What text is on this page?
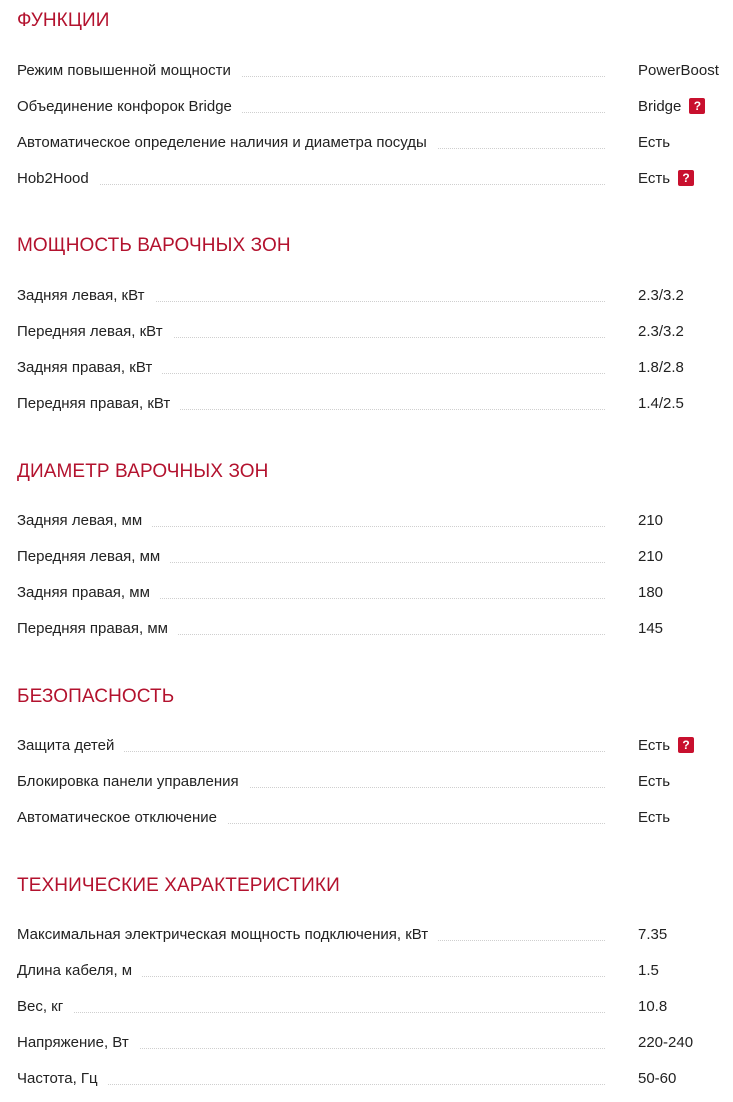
ФУНКЦИИ
Режим повышенной мощности	PowerBoost
Объединение конфорок Bridge	Bridge ?
Автоматическое определение наличия и диаметра посуды	Есть
Hob2Hood	Есть ?
МОЩНОСТЬ ВАРОЧНЫХ ЗОН
Задняя левая, кВт	2.3/3.2
Передняя левая, кВт	2.3/3.2
Задняя правая, кВт	1.8/2.8
Передняя правая, кВт	1.4/2.5
ДИАМЕТР ВАРОЧНЫХ ЗОН
Задняя левая, мм	210
Передняя левая, мм	210
Задняя правая, мм	180
Передняя правая, мм	145
БЕЗОПАСНОСТЬ
Защита детей	Есть ?
Блокировка панели управления	Есть
Автоматическое отключение	Есть
ТЕХНИЧЕСКИЕ ХАРАКТЕРИСТИКИ
Максимальная электрическая мощность подключения, кВт	7.35
Длина кабеля, м	1.5
Вес, кг	10.8
Напряжение, Вт	220-240
Частота, Гц	50-60
